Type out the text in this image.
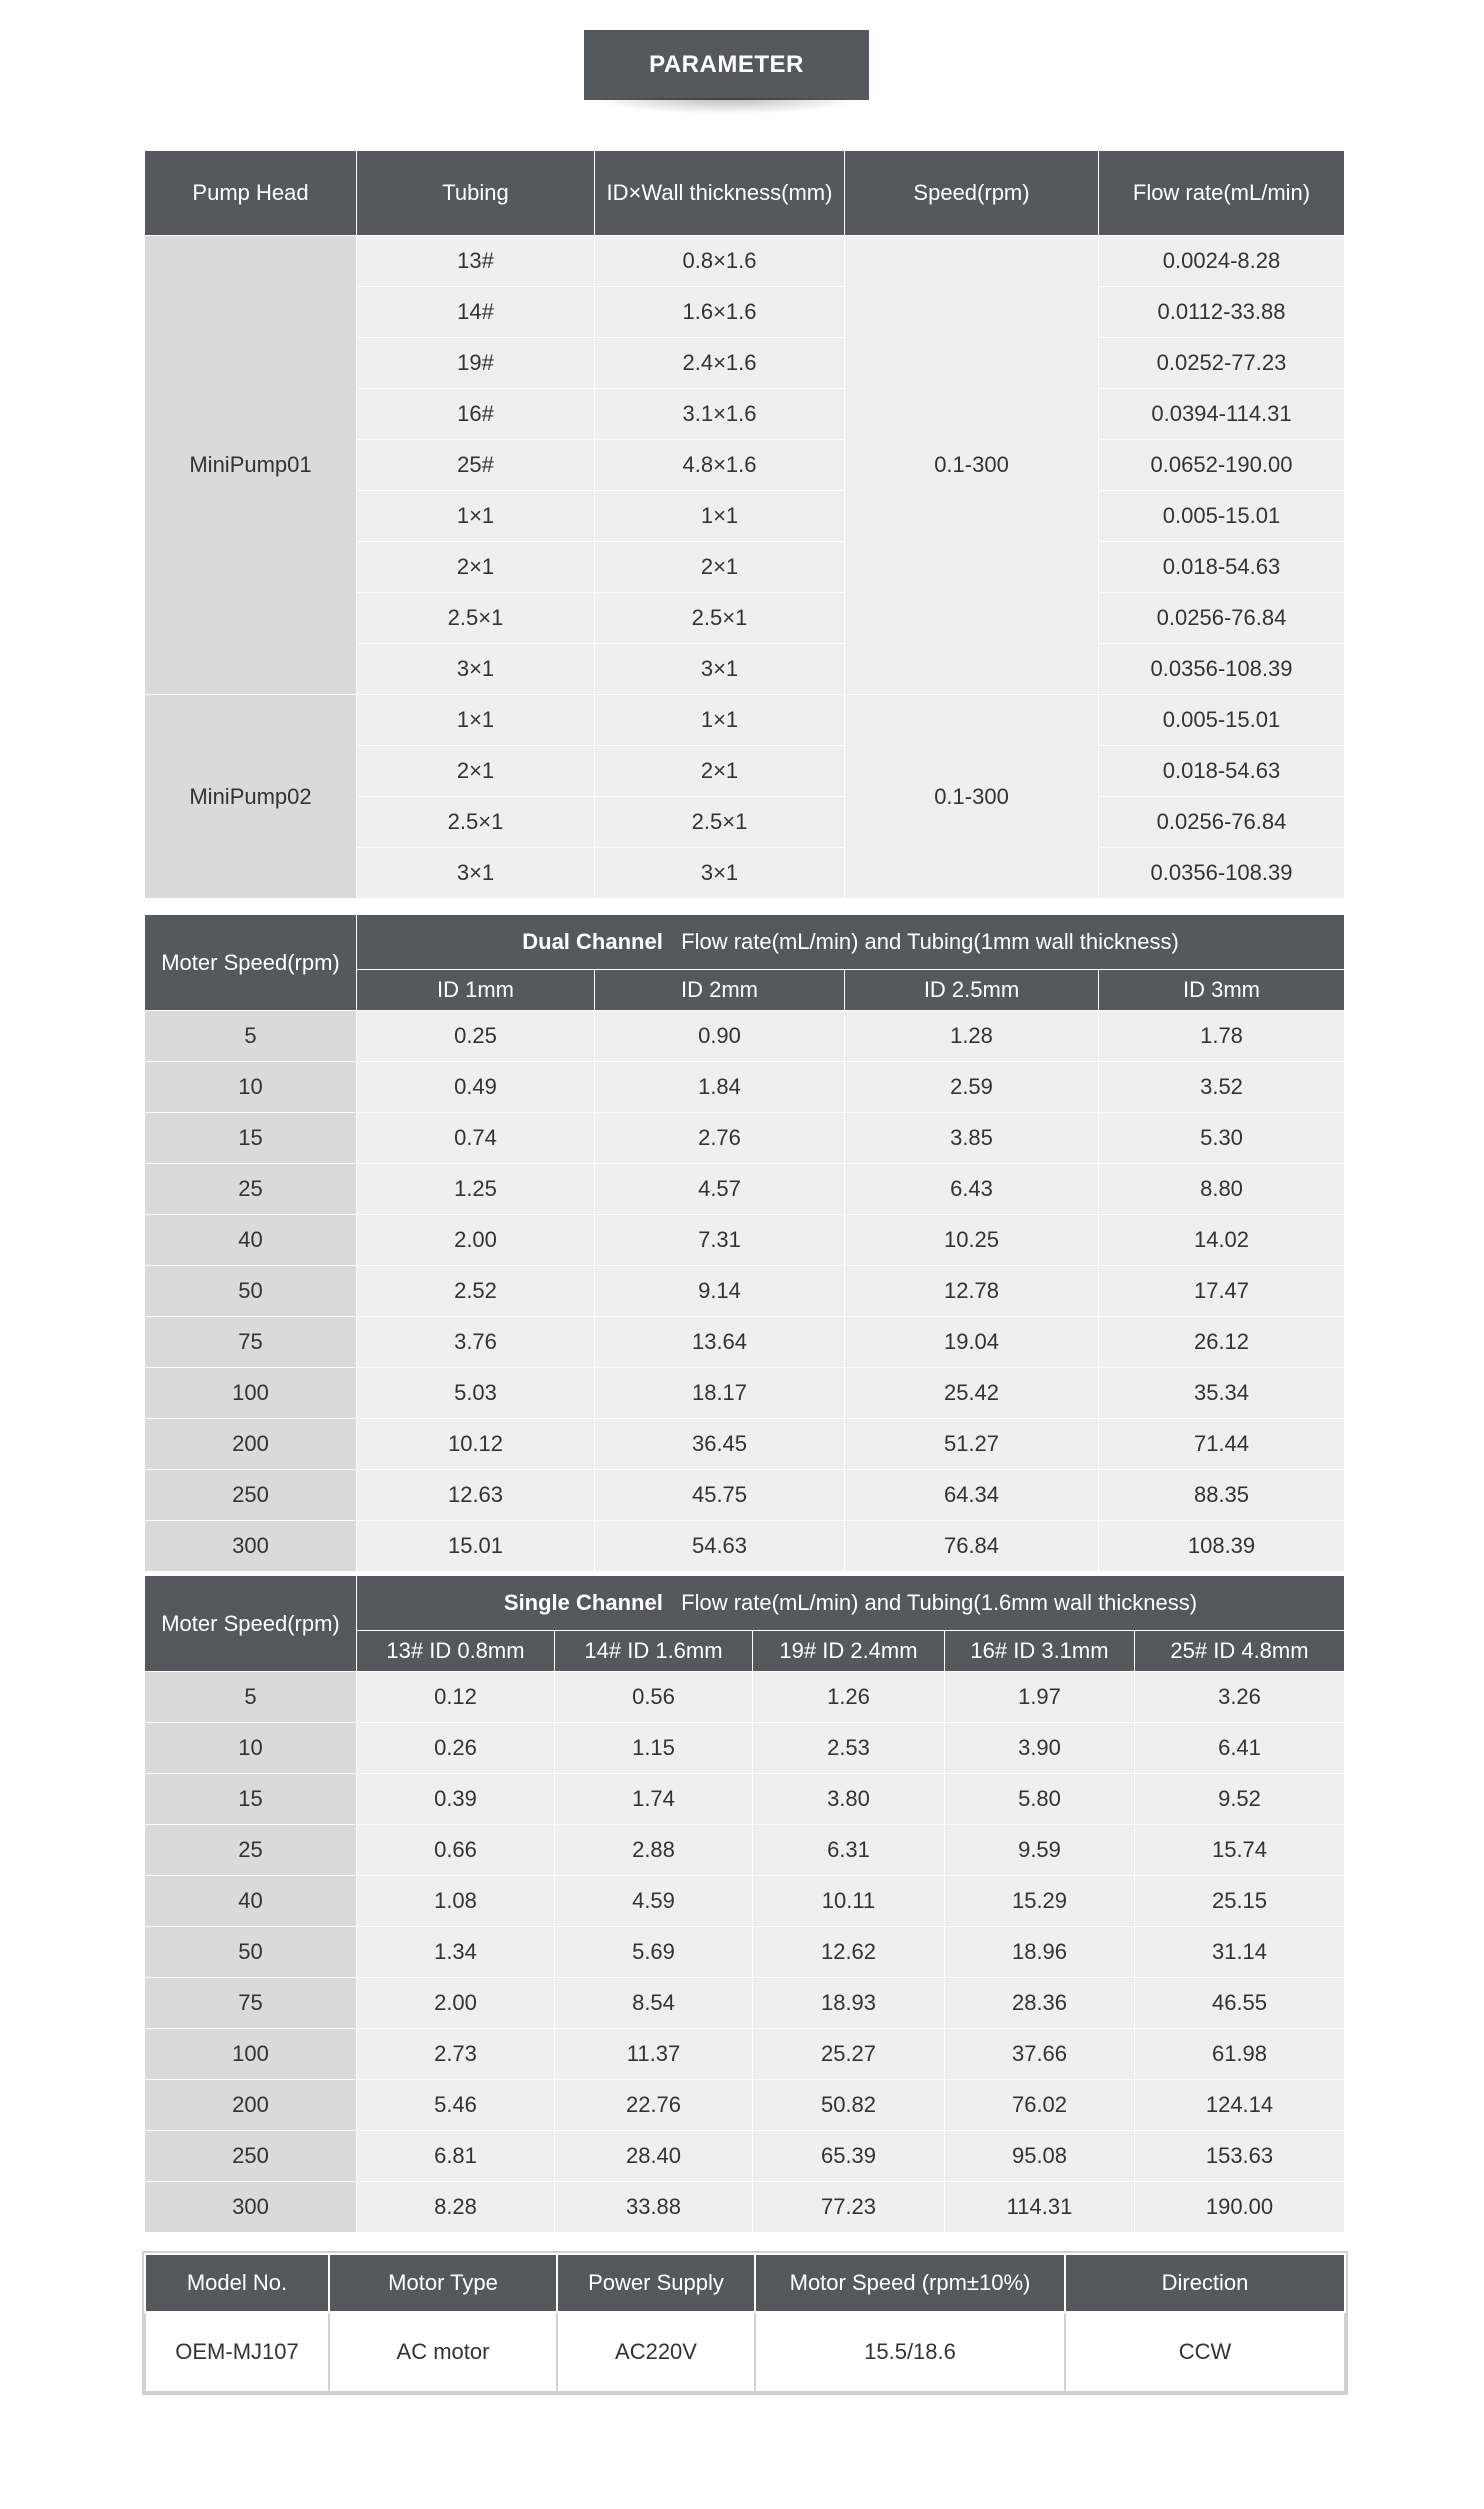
PARAMETER
Pump Head	Tubing	ID×Wall thickness(mm)	Speed(rpm)	Flow rate(mL/min)
MiniPump01	13#	0.8×1.6	0.1-300	0.0024-8.28
	14#	1.6×1.6		0.0112-33.88
	19#	2.4×1.6		0.0252-77.23
	16#	3.1×1.6		0.0394-114.31
	25#	4.8×1.6		0.0652-190.00
	1×1	1×1		0.005-15.01
	2×1	2×1		0.018-54.63
	2.5×1	2.5×1		0.0256-76.84
	3×1	3×1		0.0356-108.39
MiniPump02	1×1	1×1	0.1-300	0.005-15.01
	2×1	2×1		0.018-54.63
	2.5×1	2.5×1		0.0256-76.84
	3×1	3×1		0.0356-108.39
Moter Speed(rpm)	Dual Channel   Flow rate(mL/min) and Tubing(1mm wall thickness)			
	ID 1mm	ID 2mm	ID 2.5mm	ID 3mm
5	0.25	0.90	1.28	1.78
10	0.49	1.84	2.59	3.52
15	0.74	2.76	3.85	5.30
25	1.25	4.57	6.43	8.80
40	2.00	7.31	10.25	14.02
50	2.52	9.14	12.78	17.47
75	3.76	13.64	19.04	26.12
100	5.03	18.17	25.42	35.34
200	10.12	36.45	51.27	71.44
250	12.63	45.75	64.34	88.35
300	15.01	54.63	76.84	108.39
Moter Speed(rpm)	Single Channel   Flow rate(mL/min) and Tubing(1.6mm wall thickness)				
	13# ID 0.8mm	14# ID 1.6mm	19# ID 2.4mm	16# ID 3.1mm	25# ID 4.8mm
5	0.12	0.56	1.26	1.97	3.26
10	0.26	1.15	2.53	3.90	6.41
15	0.39	1.74	3.80	5.80	9.52
25	0.66	2.88	6.31	9.59	15.74
40	1.08	4.59	10.11	15.29	25.15
50	1.34	5.69	12.62	18.96	31.14
75	2.00	8.54	18.93	28.36	46.55
100	2.73	11.37	25.27	37.66	61.98
200	5.46	22.76	50.82	76.02	124.14
250	6.81	28.40	65.39	95.08	153.63
300	8.28	33.88	77.23	114.31	190.00
Model No.	Motor Type	Power Supply	Motor Speed (rpm±10%)	Direction
OEM-MJ107	AC motor	AC220V	15.5/18.6	CCW
